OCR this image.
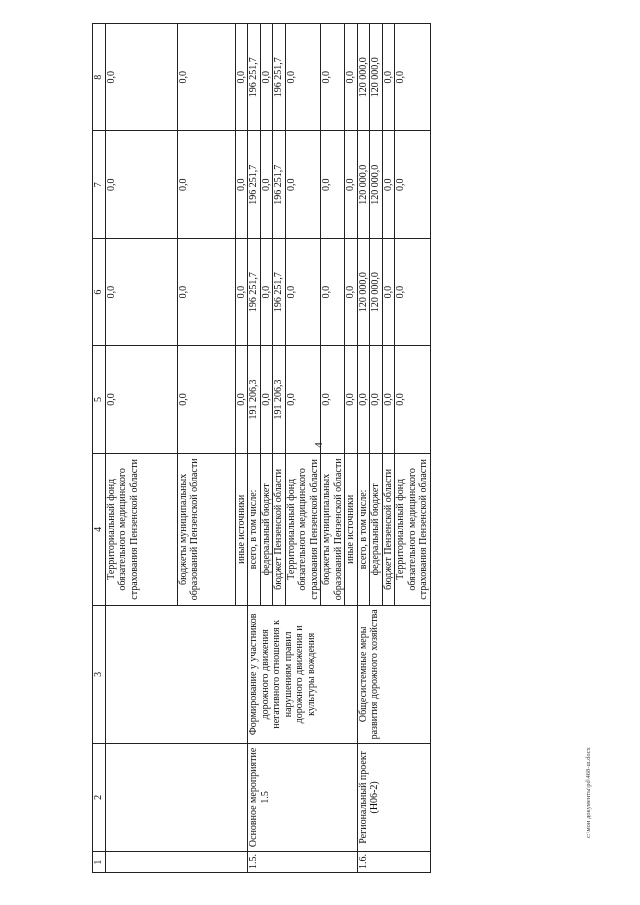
4
1	2	3	4	5	6	7	8
			Территориальный фонд обязательного медицинского страхования Пензенской области	0,0	0,0	0,0	0,0
			бюджеты муниципальных образований Пензенской области	0,0	0,0	0,0	0,0
			иные источники	0,0	0,0	0,0	0,0
1.5.	Основное мероприятие 1.5	Формирование у участников дорожного движения негативного отношения к нарушениям правил дорожного движения и культуры вождения	всего, в том числе:	191 206,3	196 251,7	196 251,7	196 251,7
			федеральный бюджет	0,0	0,0	0,0	0,0
			бюджет Пензенской области	191 206,3	196 251,7	196 251,7	196 251,7
			Территориальный фонд обязательного медицинского страхования Пензенской области	0,0	0,0	0,0	0,0
			бюджеты муниципальных образований Пензенской области	0,0	0,0	0,0	0,0
			иные источники	0,0	0,0	0,0	0,0
1.6.	Региональный проект (Н06-2)	Общесистемные меры развития дорожного хозяйства	всего, в том числе:	0,0	120 000,0	120 000,0	120 000,0
			федеральный бюджет	0,0	120 000,0	120 000,0	120 000,0
			бюджет Пензенской области	0,0	0,0	0,0	0,0
			Территориальный фонд обязательного медицинского страхования Пензенской области	0,0	0,0	0,0	0,0
c:\мои документы\pd\468-ш.docx
